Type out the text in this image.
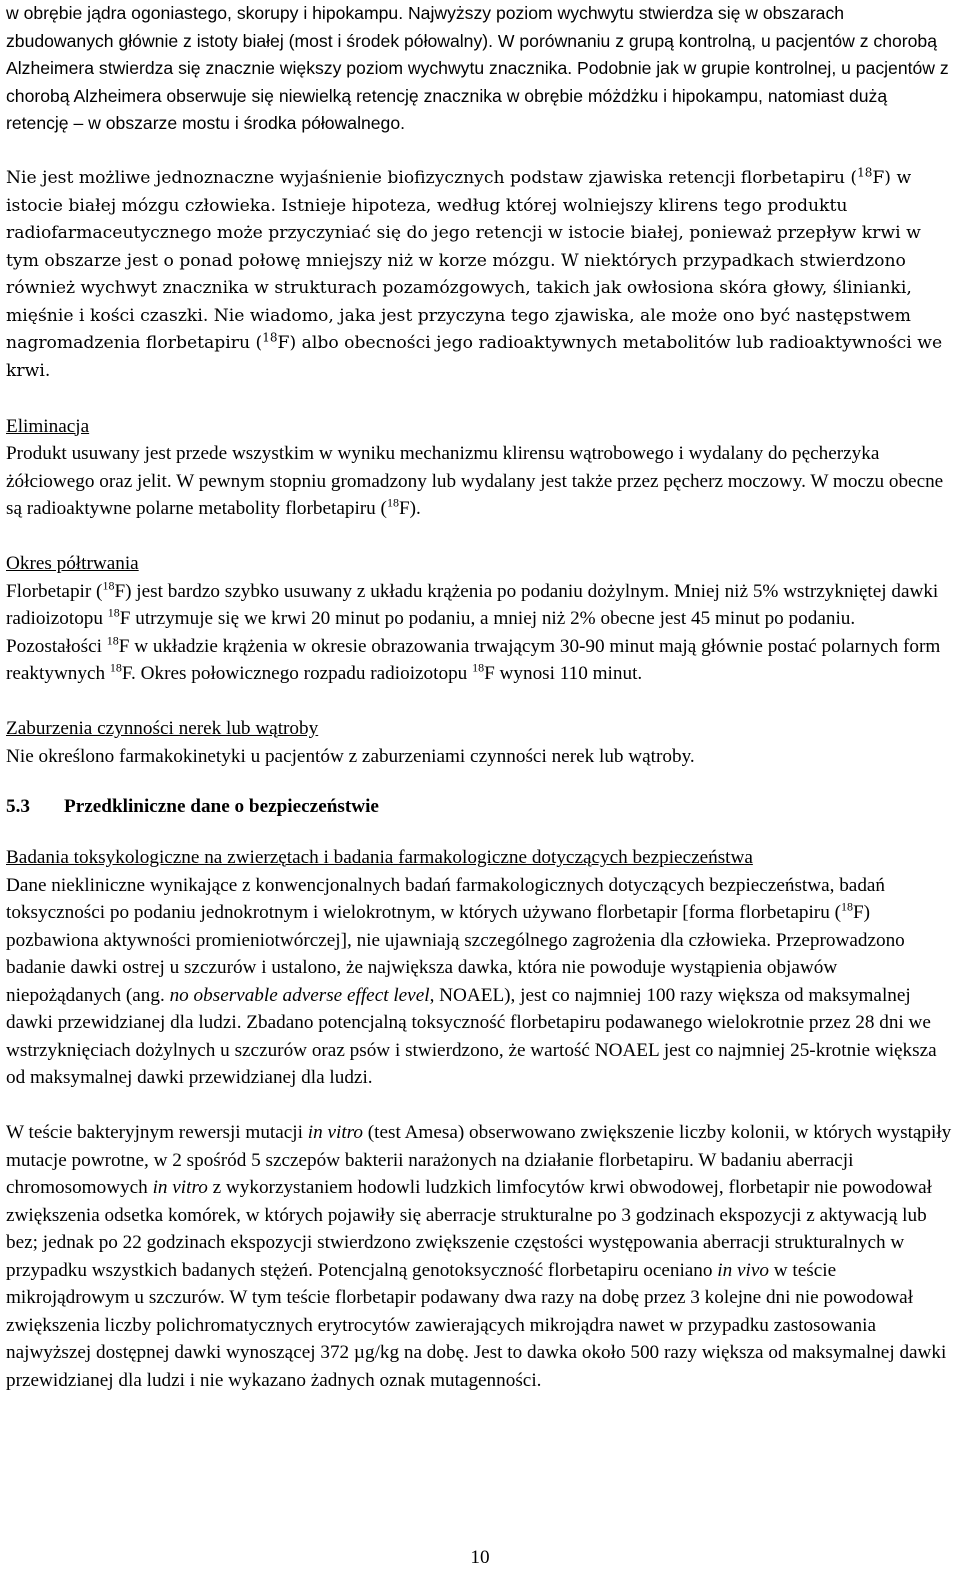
w obrębie jądra ogoniastego, skorupy i hipokampu. Najwyższy poziom wychwytu stwierdza się w obszarach zbudowanych głównie z istoty białej (most i środek półowalny). W porównaniu z grupą kontrolną, u pacjentów z chorobą Alzheimera stwierdza się znacznie większy poziom wychwytu znacznika. Podobnie jak w grupie kontrolnej, u pacjentów z chorobą Alzheimera obserwuje się niewielką retencję znacznika w obrębie móżdżku i hipokampu, natomiast dużą retencję – w obszarze mostu i środka półowalnego.

Nie jest możliwe jednoznaczne wyjaśnienie biofizycznych podstaw zjawiska retencji florbetapiru ($^{18}$F) w istocie białej mózgu człowieka. Istnieje hipoteza, według której wolniejszy klirens tego produktu radiofarmaceutycznego może przyczyniać się do jego retencji w istocie białej, ponieważ przepływ krwi w tym obszarze jest o ponad połowę mniejszy niż w korze mózgu. W niektórych przypadkach stwierdzono również wychwyt znacznika w strukturach pozamózgowych, takich jak owłosiona skóra głowy, ślinianki, mięśnie i kości czaszki. Nie wiadomo, jaka jest przyczyna tego zjawiska, ale może ono być następstwem nagromadzenia florbetapiru ($^{18}$F) albo obecności jego radioaktywnych metabolitów lub radioaktywności we krwi.

Eliminacja

Produkt usuwany jest przede wszystkim w wyniku mechanizmu klirensu wątrobowego i wydalany do pęcherzyka żółciowego oraz jelit. W pewnym stopniu gromadzony lub wydalany jest także przez pęcherz moczowy. W moczu obecne są radioaktywne polarne metabolity florbetapiru ($^{18}$F).

Okres półtrwania

Florbetapir ($^{18}$F) jest bardzo szybko usuwany z układu krążenia po podaniu dożylnym. Mniej niż 5% wstrzykniętej dawki radioizotopu $^{18}$F utrzymuje się we krwi 20 minut po podaniu, a mniej niż 2% obecne jest 45 minut po podaniu. Pozostałości $^{18}$F w układzie krążenia w okresie obrazowania trwającym 30-90 minut mają głównie postać polarnych form reaktywnych $^{18}$F. Okres połowicznego rozpadu radioizotopu $^{18}$F wynosi 110 minut.

Zaburzenia czynności nerek lub wątroby

Nie określono farmakokinetyki u pacjentów z zaburzeniami czynności nerek lub wątroby.

5.3 Przedkliniczne dane o bezpieczeństwie

Badania toksykologiczne na zwierzętach i badania farmakologiczne dotyczących bezpieczeństwa

Dane niekliniczne wynikające z konwencjonalnych badań farmakologicznych dotyczących bezpieczeństwa, badań toksyczności po podaniu jednokrotnym i wielokrotnym, w których używano florbetapir [forma florbetapiru ($^{18}$F) pozbawiona aktywności promieniotwórczej], nie ujawniają szczególnego zagrożenia dla człowieka. Przeprowadzono badanie dawki ostrej u szczurów i ustalono, że największa dawka, która nie powoduje wystąpienia objawów niepożądanych (ang. no observable adverse effect level, NOAEL), jest co najmniej 100 razy większa od maksymalnej dawki przewidzianej dla ludzi. Zbadano potencjalną toksyczność florbetapiru podawanego wielokrotnie przez 28 dni we wstrzyknięciach dożylnych u szczurów oraz psów i stwierdzono, że wartość NOAEL jest co najmniej 25-krotnie większa od maksymalnej dawki przewidzianej dla ludzi.

W teście bakteryjnym rewersji mutacji in vitro (test Amesa) obserwowano zwiększenie liczby kolonii, w których wystąpiły mutacje powrotne, w 2 spośród 5 szczepów bakterii narażonych na działanie florbetapiru. W badaniu aberracji chromosomowych in vitro z wykorzystaniem hodowli ludzkich limfocytów krwi obwodowej, florbetapir nie powodował zwiększenia odsetka komórek, w których pojawiły się aberracje strukturalne po 3 godzinach ekspozycji z aktywacją lub bez; jednak po 22 godzinach ekspozycji stwierdzono zwiększenie częstości występowania aberracji strukturalnych w przypadku wszystkich badanych stężeń. Potencjalną genotoksyczność florbetapiru oceniano in vivo w teście mikrojądrowym u szczurów. W tym teście florbetapir podawany dwa razy na dobę przez 3 kolejne dni nie powodował zwiększenia liczby polichromatycznych erytrocytów zawierających mikrojądra nawet w przypadku zastosowania najwyższej dostępnej dawki wynoszącej 372 µg/kg na dobę. Jest to dawka około 500 razy większa od maksymalnej dawki przewidzianej dla ludzi i nie wykazano żadnych oznak mutagenności.

10
